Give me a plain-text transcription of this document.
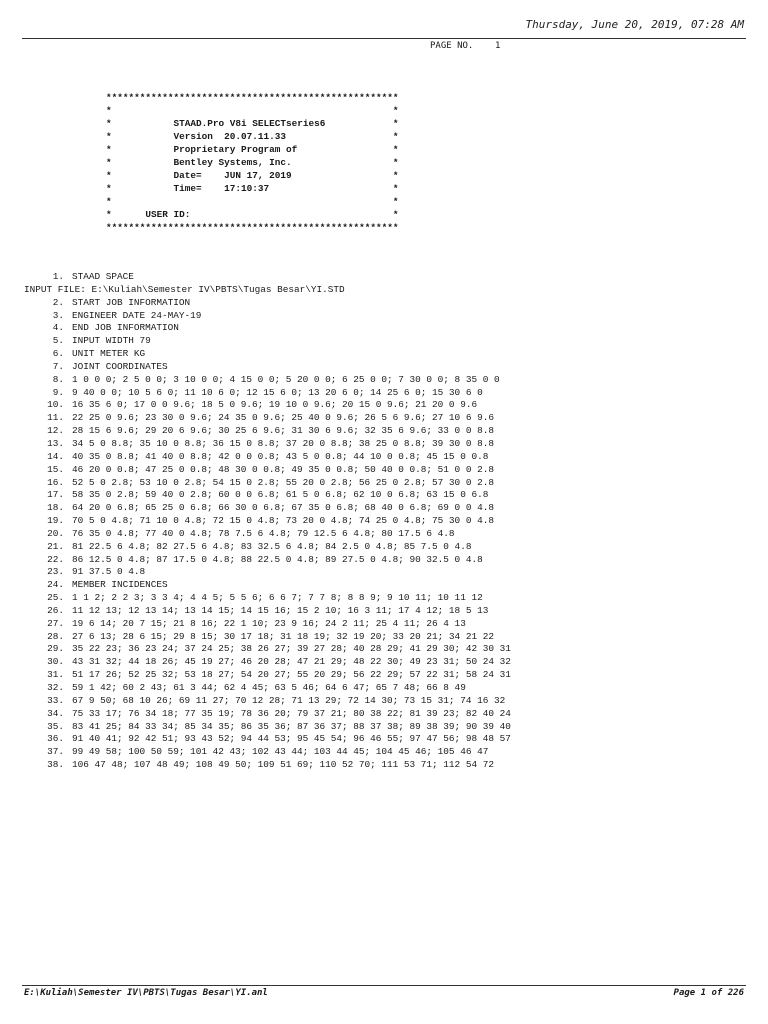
Thursday, June 20, 2019, 07:28 AM
PAGE NO.    1
****************************************************
*                                                  *
*           STAAD.Pro V8i SELECTseries6            *
*           Version  20.07.11.33                   *
*           Proprietary Program of                 *
*           Bentley Systems, Inc.                  *
*           Date=    JUN 17, 2019                  *
*           Time=    17:10:37                      *
*                                                  *
*      USER ID:                                    *
****************************************************
1. STAAD SPACE
INPUT FILE: E:\Kuliah\Semester IV\PBTS\Tugas Besar\YI.STD
2. START JOB INFORMATION
3. ENGINEER DATE 24-MAY-19
4. END JOB INFORMATION
5. INPUT WIDTH 79
6. UNIT METER KG
7. JOINT COORDINATES
8. 1 0 0 0; 2 5 0 0; 3 10 0 0; 4 15 0 0; 5 20 0 0; 6 25 0 0; 7 30 0 0; 8 35 0 0
9. 9 40 0 0; 10 5 6 0; 11 10 6 0; 12 15 6 0; 13 20 6 0; 14 25 6 0; 15 30 6 0
10. 16 35 6 0; 17 0 0 9.6; 18 5 0 9.6; 19 10 0 9.6; 20 15 0 9.6; 21 20 0 9.6
11. 22 25 0 9.6; 23 30 0 9.6; 24 35 0 9.6; 25 40 0 9.6; 26 5 6 9.6; 27 10 6 9.6
12. 28 15 6 9.6; 29 20 6 9.6; 30 25 6 9.6; 31 30 6 9.6; 32 35 6 9.6; 33 0 0 8.8
13. 34 5 0 8.8; 35 10 0 8.8; 36 15 0 8.8; 37 20 0 8.8; 38 25 0 8.8; 39 30 0 8.8
14. 40 35 0 8.8; 41 40 0 8.8; 42 0 0 0.8; 43 5 0 0.8; 44 10 0 0.8; 45 15 0 0.8
15. 46 20 0 0.8; 47 25 0 0.8; 48 30 0 0.8; 49 35 0 0.8; 50 40 0 0.8; 51 0 0 2.8
16. 52 5 0 2.8; 53 10 0 2.8; 54 15 0 2.8; 55 20 0 2.8; 56 25 0 2.8; 57 30 0 2.8
17. 58 35 0 2.8; 59 40 0 2.8; 60 0 0 6.8; 61 5 0 6.8; 62 10 0 6.8; 63 15 0 6.8
18. 64 20 0 6.8; 65 25 0 6.8; 66 30 0 6.8; 67 35 0 6.8; 68 40 0 6.8; 69 0 0 4.8
19. 70 5 0 4.8; 71 10 0 4.8; 72 15 0 4.8; 73 20 0 4.8; 74 25 0 4.8; 75 30 0 4.8
20. 76 35 0 4.8; 77 40 0 4.8; 78 7.5 6 4.8; 79 12.5 6 4.8; 80 17.5 6 4.8
21. 81 22.5 6 4.8; 82 27.5 6 4.8; 83 32.5 6 4.8; 84 2.5 0 4.8; 85 7.5 0 4.8
22. 86 12.5 0 4.8; 87 17.5 0 4.8; 88 22.5 0 4.8; 89 27.5 0 4.8; 90 32.5 0 4.8
23. 91 37.5 0 4.8
24. MEMBER INCIDENCES
25. 1 1 2; 2 2 3; 3 3 4; 4 4 5; 5 5 6; 6 6 7; 7 7 8; 8 8 9; 9 10 11; 10 11 12
26. 11 12 13; 12 13 14; 13 14 15; 14 15 16; 15 2 10; 16 3 11; 17 4 12; 18 5 13
27. 19 6 14; 20 7 15; 21 8 16; 22 1 10; 23 9 16; 24 2 11; 25 4 11; 26 4 13
28. 27 6 13; 28 6 15; 29 8 15; 30 17 18; 31 18 19; 32 19 20; 33 20 21; 34 21 22
29. 35 22 23; 36 23 24; 37 24 25; 38 26 27; 39 27 28; 40 28 29; 41 29 30; 42 30 31
30. 43 31 32; 44 18 26; 45 19 27; 46 20 28; 47 21 29; 48 22 30; 49 23 31; 50 24 32
31. 51 17 26; 52 25 32; 53 18 27; 54 20 27; 55 20 29; 56 22 29; 57 22 31; 58 24 31
32. 59 1 42; 60 2 43; 61 3 44; 62 4 45; 63 5 46; 64 6 47; 65 7 48; 66 8 49
33. 67 9 50; 68 10 26; 69 11 27; 70 12 28; 71 13 29; 72 14 30; 73 15 31; 74 16 32
34. 75 33 17; 76 34 18; 77 35 19; 78 36 20; 79 37 21; 80 38 22; 81 39 23; 82 40 24
35. 83 41 25; 84 33 34; 85 34 35; 86 35 36; 87 36 37; 88 37 38; 89 38 39; 90 39 40
36. 91 40 41; 92 42 51; 93 43 52; 94 44 53; 95 45 54; 96 46 55; 97 47 56; 98 48 57
37. 99 49 58; 100 50 59; 101 42 43; 102 43 44; 103 44 45; 104 45 46; 105 46 47
38. 106 47 48; 107 48 49; 108 49 50; 109 51 69; 110 52 70; 111 53 71; 112 54 72
E:\Kuliah\Semester IV\PBTS\Tugas Besar\YI.anl	Page 1 of 226
